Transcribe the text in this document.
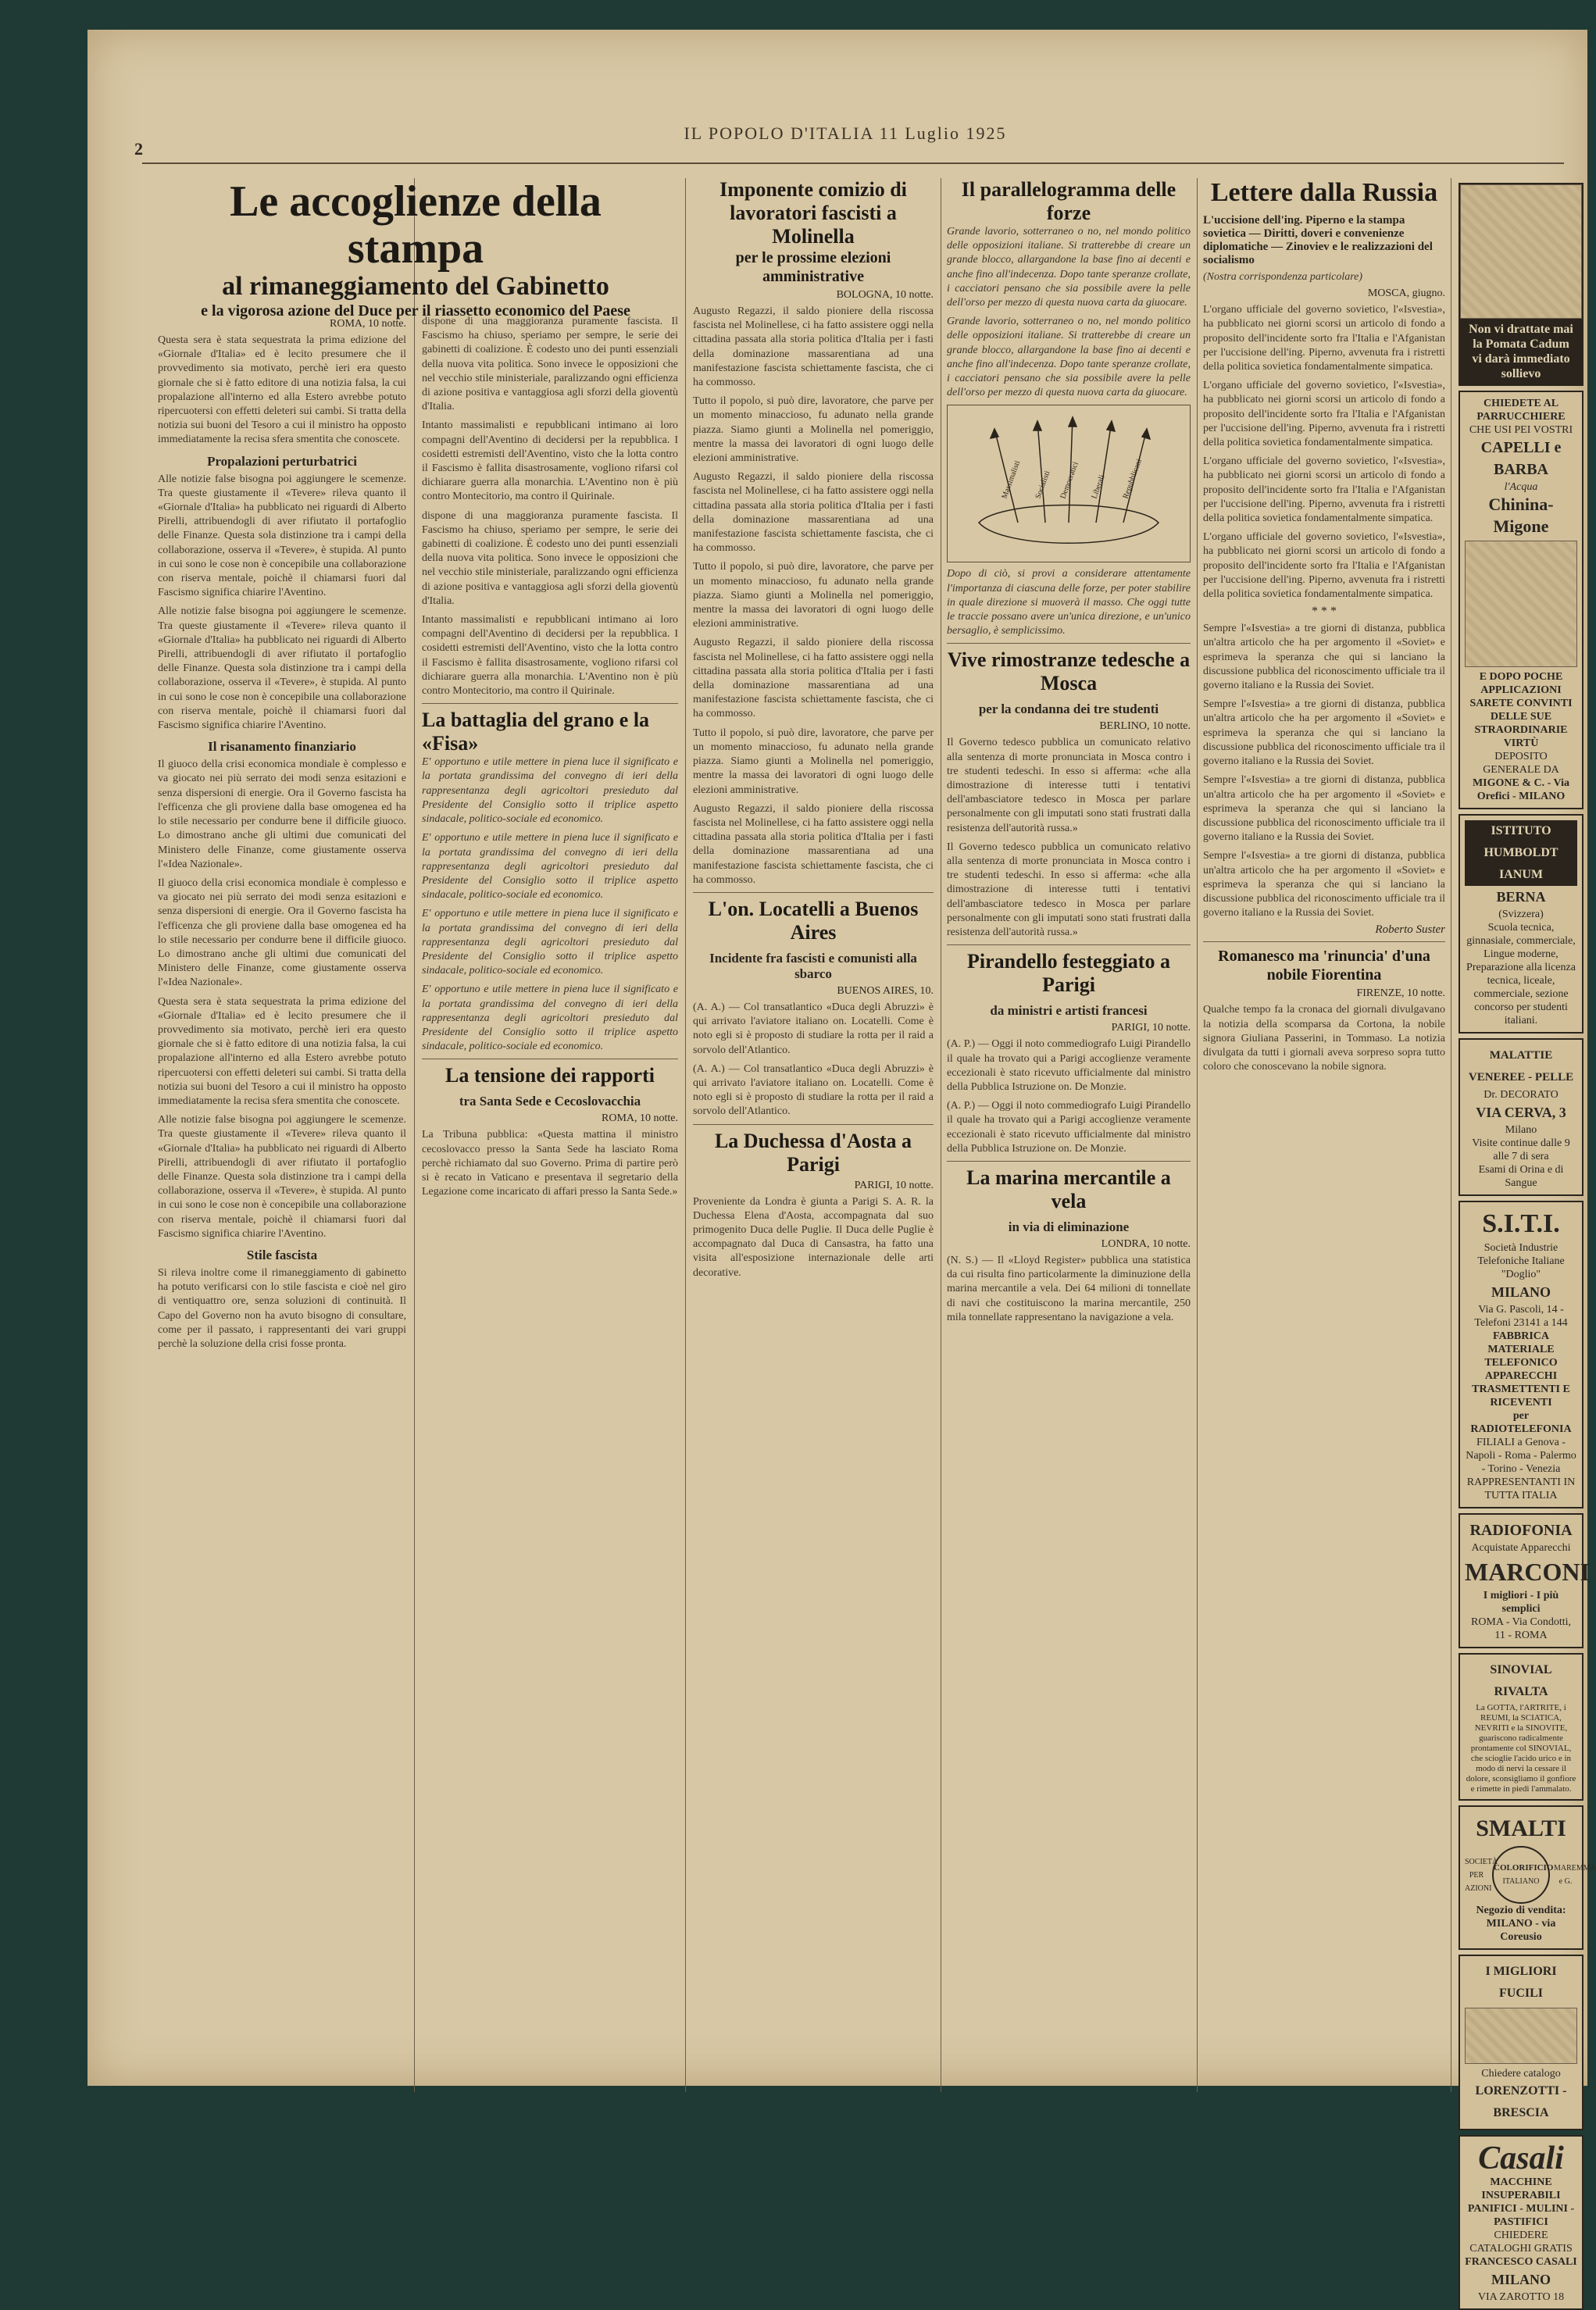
IL POPOLO D'ITALIA 11 Luglio 1925
2
Le accoglienze della stampa
al rimaneggiamento del Gabinetto
e la vigorosa azione del Duce per il riassetto economico del Paese
ROMA, 10 notte.
Questa sera è stata sequestrata la prima edizione del «Giornale d'Italia» ed è lecito presumere che il provvedimento sia motivato, perchè ieri era questo giornale che si è fatto editore di una notizia falsa, la cui propalazione all'interno ed alla Estero avrebbe potuto ripercuotersi con effetti deleteri sui cambi. Si tratta della notizia sui buoni del Tesoro a cui il ministro ha opposto immediatamente la recisa sfera smentita che conoscete.
Propalazioni perturbatrici
Alle notizie false bisogna poi aggiungere le scemenze. Tra queste giustamente il «Tevere» rileva quanto il «Giornale d'Italia» ha pubblicato nei riguardi di Alberto Pirelli, attribuendogli di aver rifiutato il portafoglio delle Finanze. Questa sola distinzione tra i campi della collaborazione, osserva il «Tevere», è stupida. Al punto in cui sono le cose non è concepibile una collaborazione con riserva mentale, poichè il chiamarsi fuori dal Fascismo significa chiarire l'Aventino.
Alle notizie false bisogna poi aggiungere le scemenze. Tra queste giustamente il «Tevere» rileva quanto il «Giornale d'Italia» ha pubblicato nei riguardi di Alberto Pirelli, attribuendogli di aver rifiutato il portafoglio delle Finanze. Questa sola distinzione tra i campi della collaborazione, osserva il «Tevere», è stupida. Al punto in cui sono le cose non è concepibile una collaborazione con riserva mentale, poichè il chiamarsi fuori dal Fascismo significa chiarire l'Aventino.
Il risanamento finanziario
Il giuoco della crisi economica mondiale è complesso e va giocato nei più serrato dei modi senza esitazioni e senza dispersioni di energie. Ora il Governo fascista ha l'efficenza che gli proviene dalla base omogenea ed ha lo stile necessario per condurre bene il difficile giuoco. Lo dimostrano anche gli ultimi due comunicati del Ministero delle Finanze, come giustamente osserva l'«Idea Nazionale».
Il giuoco della crisi economica mondiale è complesso e va giocato nei più serrato dei modi senza esitazioni e senza dispersioni di energie. Ora il Governo fascista ha l'efficenza che gli proviene dalla base omogenea ed ha lo stile necessario per condurre bene il difficile giuoco. Lo dimostrano anche gli ultimi due comunicati del Ministero delle Finanze, come giustamente osserva l'«Idea Nazionale».
Questa sera è stata sequestrata la prima edizione del «Giornale d'Italia» ed è lecito presumere che il provvedimento sia motivato, perchè ieri era questo giornale che si è fatto editore di una notizia falsa, la cui propalazione all'interno ed alla Estero avrebbe potuto ripercuotersi con effetti deleteri sui cambi. Si tratta della notizia sui buoni del Tesoro a cui il ministro ha opposto immediatamente la recisa sfera smentita che conoscete.
Alle notizie false bisogna poi aggiungere le scemenze. Tra queste giustamente il «Tevere» rileva quanto il «Giornale d'Italia» ha pubblicato nei riguardi di Alberto Pirelli, attribuendogli di aver rifiutato il portafoglio delle Finanze. Questa sola distinzione tra i campi della collaborazione, osserva il «Tevere», è stupida. Al punto in cui sono le cose non è concepibile una collaborazione con riserva mentale, poichè il chiamarsi fuori dal Fascismo significa chiarire l'Aventino.
Stile fascista
Si rileva inoltre come il rimaneggiamento di gabinetto ha potuto verificarsi con lo stile fascista e cioè nel giro di ventiquattro ore, senza soluzioni di continuità. Il Capo del Governo non ha avuto bisogno di consultare, come per il passato, i rappresentanti dei vari gruppi perchè la soluzione della crisi fosse pronta.
dispone di una maggioranza puramente fascista. Il Fascismo ha chiuso, speriamo per sempre, le serie dei gabinetti di coalizione. È codesto uno dei punti essenziali della nuova vita politica. Sono invece le opposizioni che nel vecchio stile ministeriale, paralizzando ogni efficienza di azione positiva e vantaggiosa agli sforzi della gioventù d'Italia.
Intanto massimalisti e repubblicani intimano ai loro compagni dell'Aventino di decidersi per la repubblica. I cosidetti estremisti dell'Aventino, visto che la lotta contro il Fascismo è fallita disastrosamente, vogliono rifarsi col dichiarare guerra alla monarchia. L'Aventino non è più contro Montecitorio, ma contro il Quirinale.
dispone di una maggioranza puramente fascista. Il Fascismo ha chiuso, speriamo per sempre, le serie dei gabinetti di coalizione. È codesto uno dei punti essenziali della nuova vita politica. Sono invece le opposizioni che nel vecchio stile ministeriale, paralizzando ogni efficienza di azione positiva e vantaggiosa agli sforzi della gioventù d'Italia.
Intanto massimalisti e repubblicani intimano ai loro compagni dell'Aventino di decidersi per la repubblica. I cosidetti estremisti dell'Aventino, visto che la lotta contro il Fascismo è fallita disastrosamente, vogliono rifarsi col dichiarare guerra alla monarchia. L'Aventino non è più contro Montecitorio, ma contro il Quirinale.
La battaglia del grano e la «Fisa»
E' opportuno e utile mettere in piena luce il significato e la portata grandissima del convegno di ieri della rappresentanza degli agricoltori presieduto dal Presidente del Consiglio sotto il triplice aspetto sindacale, politico-sociale ed economico.
E' opportuno e utile mettere in piena luce il significato e la portata grandissima del convegno di ieri della rappresentanza degli agricoltori presieduto dal Presidente del Consiglio sotto il triplice aspetto sindacale, politico-sociale ed economico.
E' opportuno e utile mettere in piena luce il significato e la portata grandissima del convegno di ieri della rappresentanza degli agricoltori presieduto dal Presidente del Consiglio sotto il triplice aspetto sindacale, politico-sociale ed economico.
E' opportuno e utile mettere in piena luce il significato e la portata grandissima del convegno di ieri della rappresentanza degli agricoltori presieduto dal Presidente del Consiglio sotto il triplice aspetto sindacale, politico-sociale ed economico.
La tensione dei rapporti
tra Santa Sede e Cecoslovacchia
ROMA, 10 notte.
La Tribuna pubblica: «Questa mattina il ministro cecoslovacco presso la Santa Sede ha lasciato Roma perchè richiamato dal suo Governo. Prima di partire però si è recato in Vaticano e presentava il segretario della Legazione come incaricato di affari presso la Santa Sede.»
Imponente comizio di lavoratori fascisti a Molinella
per le prossime elezioni amministrative
BOLOGNA, 10 notte.
Augusto Regazzi, il saldo pioniere della riscossa fascista nel Molinellese, ci ha fatto assistere oggi nella cittadina passata alla storia politica d'Italia per i fasti della dominazione massarentiana ad una manifestazione fascista schiettamente fascista, che ci ha commosso.
Tutto il popolo, si può dire, lavoratore, che parve per un momento minaccioso, fu adunato nella grande piazza. Siamo giunti a Molinella nel pomeriggio, mentre la massa dei lavoratori di ogni luogo delle elezioni amministrative.
Augusto Regazzi, il saldo pioniere della riscossa fascista nel Molinellese, ci ha fatto assistere oggi nella cittadina passata alla storia politica d'Italia per i fasti della dominazione massarentiana ad una manifestazione fascista schiettamente fascista, che ci ha commosso.
Tutto il popolo, si può dire, lavoratore, che parve per un momento minaccioso, fu adunato nella grande piazza. Siamo giunti a Molinella nel pomeriggio, mentre la massa dei lavoratori di ogni luogo delle elezioni amministrative.
Augusto Regazzi, il saldo pioniere della riscossa fascista nel Molinellese, ci ha fatto assistere oggi nella cittadina passata alla storia politica d'Italia per i fasti della dominazione massarentiana ad una manifestazione fascista schiettamente fascista, che ci ha commosso.
Tutto il popolo, si può dire, lavoratore, che parve per un momento minaccioso, fu adunato nella grande piazza. Siamo giunti a Molinella nel pomeriggio, mentre la massa dei lavoratori di ogni luogo delle elezioni amministrative.
Augusto Regazzi, il saldo pioniere della riscossa fascista nel Molinellese, ci ha fatto assistere oggi nella cittadina passata alla storia politica d'Italia per i fasti della dominazione massarentiana ad una manifestazione fascista schiettamente fascista, che ci ha commosso.
L'on. Locatelli a Buenos Aires
Incidente fra fascisti e comunisti alla sbarco
BUENOS AIRES, 10.
(A. A.) — Col transatlantico «Duca degli Abruzzi» è qui arrivato l'aviatore italiano on. Locatelli. Come è noto egli si è proposto di studiare la rotta per il raid a sorvolo dell'Atlantico.
(A. A.) — Col transatlantico «Duca degli Abruzzi» è qui arrivato l'aviatore italiano on. Locatelli. Come è noto egli si è proposto di studiare la rotta per il raid a sorvolo dell'Atlantico.
La Duchessa d'Aosta a Parigi
PARIGI, 10 notte.
Proveniente da Londra è giunta a Parigi S. A. R. la Duchessa Elena d'Aosta, accompagnata dal suo primogenito Duca delle Puglie. Il Duca delle Puglie è accompagnato dal Duca di Cansastra, ha fatto una visita all'esposizione internazionale delle arti decorative.
Il parallelogramma delle forze
Grande lavorio, sotterraneo o no, nel mondo politico delle opposizioni italiane. Si tratterebbe di creare un grande blocco, allargandone la base fino ai decenti e anche fino all'indecenza. Dopo tante speranze crollate, i cacciatori pensano che sia possibile avere la pelle dell'orso per mezzo di questa nuova carta da giuocare.
Grande lavorio, sotterraneo o no, nel mondo politico delle opposizioni italiane. Si tratterebbe di creare un grande blocco, allargandone la base fino ai decenti e anche fino all'indecenza. Dopo tante speranze crollate, i cacciatori pensano che sia possibile avere la pelle dell'orso per mezzo di questa nuova carta da giuocare.
Massimalisti Socialisti Democratici Liberali Repubblicani
Dopo di ciò, si provi a considerare attentamente l'importanza di ciascuna delle forze, per poter stabilire in quale direzione si muoverà il masso. Che oggi tutte le traccie possano avere un'unica direzione, e un'unico bersaglio, è semplicissimo.
Vive rimostranze tedesche a Mosca
per la condanna dei tre studenti
BERLINO, 10 notte.
Il Governo tedesco pubblica un comunicato relativo alla sentenza di morte pronunciata in Mosca contro i tre studenti tedeschi. In esso si afferma: «che alla dimostrazione di interesse tutti i tentativi dell'ambasciatore tedesco in Mosca per parlare personalmente con gli imputati sono stati frustrati dalla resistenza dell'autorità russa.»
Il Governo tedesco pubblica un comunicato relativo alla sentenza di morte pronunciata in Mosca contro i tre studenti tedeschi. In esso si afferma: «che alla dimostrazione di interesse tutti i tentativi dell'ambasciatore tedesco in Mosca per parlare personalmente con gli imputati sono stati frustrati dalla resistenza dell'autorità russa.»
Pirandello festeggiato a Parigi
da ministri e artisti francesi
PARIGI, 10 notte.
(A. P.) — Oggi il noto commediografo Luigi Pirandello il quale ha trovato qui a Parigi accoglienze veramente eccezionali è stato ricevuto ufficialmente dal ministro della Pubblica Istruzione on. De Monzie.
(A. P.) — Oggi il noto commediografo Luigi Pirandello il quale ha trovato qui a Parigi accoglienze veramente eccezionali è stato ricevuto ufficialmente dal ministro della Pubblica Istruzione on. De Monzie.
La marina mercantile a vela
in via di eliminazione
LONDRA, 10 notte.
(N. S.) — Il «Lloyd Register» pubblica una statistica da cui risulta fino particolarmente la diminuzione della marina mercantile a vela. Dei 64 milioni di tonnellate di navi che costituiscono la marina mercantile, 250 mila tonnellate rappresentano la navigazione a vela.
Lettere dalla Russia
L'uccisione dell'ing. Piperno e la stampa sovietica — Diritti, doveri e convenienze diplomatiche — Zinoviev e le realizzazioni del socialismo
(Nostra corrispondenza particolare)
MOSCA, giugno.
L'organo ufficiale del governo sovietico, l'«Isvestia», ha pubblicato nei giorni scorsi un articolo di fondo a proposito dell'incidente sorto fra l'Italia e l'Afganistan per l'uccisione dell'ing. Piperno, avvenuta fra i ristretti della politica sovietica fondamentalmente simpatica.
L'organo ufficiale del governo sovietico, l'«Isvestia», ha pubblicato nei giorni scorsi un articolo di fondo a proposito dell'incidente sorto fra l'Italia e l'Afganistan per l'uccisione dell'ing. Piperno, avvenuta fra i ristretti della politica sovietica fondamentalmente simpatica.
L'organo ufficiale del governo sovietico, l'«Isvestia», ha pubblicato nei giorni scorsi un articolo di fondo a proposito dell'incidente sorto fra l'Italia e l'Afganistan per l'uccisione dell'ing. Piperno, avvenuta fra i ristretti della politica sovietica fondamentalmente simpatica.
L'organo ufficiale del governo sovietico, l'«Isvestia», ha pubblicato nei giorni scorsi un articolo di fondo a proposito dell'incidente sorto fra l'Italia e l'Afganistan per l'uccisione dell'ing. Piperno, avvenuta fra i ristretti della politica sovietica fondamentalmente simpatica.
* * *
Sempre l'«Isvestia» a tre giorni di distanza, pubblica un'altra articolo che ha per argomento il «Soviet» e esprimeva la speranza che qui si lanciano la discussione pubblica del riconoscimento ufficiale tra il governo italiano e la Russia dei Soviet.
Sempre l'«Isvestia» a tre giorni di distanza, pubblica un'altra articolo che ha per argomento il «Soviet» e esprimeva la speranza che qui si lanciano la discussione pubblica del riconoscimento ufficiale tra il governo italiano e la Russia dei Soviet.
Sempre l'«Isvestia» a tre giorni di distanza, pubblica un'altra articolo che ha per argomento il «Soviet» e esprimeva la speranza che qui si lanciano la discussione pubblica del riconoscimento ufficiale tra il governo italiano e la Russia dei Soviet.
Sempre l'«Isvestia» a tre giorni di distanza, pubblica un'altra articolo che ha per argomento il «Soviet» e esprimeva la speranza che qui si lanciano la discussione pubblica del riconoscimento ufficiale tra il governo italiano e la Russia dei Soviet.
Roberto Suster
Romanesco ma 'rinuncia' d'una nobile Fiorentina
FIRENZE, 10 notte.
Qualche tempo fa la cronaca del giornali divulgavano la notizia della scomparsa da Cortona, la nobile signora Giuliana Passerini, in Tommaso. La notizia divulgata da tutti i giornali aveva sorpreso sopra tutto coloro che conoscevano la nobile signora.
Non vi drattate mai
la Pomata Cadum
vi darà immediato
sollievo
CHIEDETE AL PARRUCCHIERE
CHE USI PEI VOSTRI
CAPELLI e BARBA
l'Acqua
Chinina-Migone
E DOPO POCHE APPLICAZIONI
SARETE CONVINTI DELLE SUE
STRAORDINARIE VIRTÙ
DEPOSITO GENERALE DA
MIGONE & C. - Via Orefici - MILANO
ISTITUTO HUMBOLDT IANUM
BERNA
(Svizzera)
Scuola tecnica, ginnasiale, commerciale, Lingue moderne, Preparazione alla licenza tecnica, liceale, commerciale, sezione concorso per studenti italiani.
MALATTIE VENEREE - PELLE
Dr. DECORATO
VIA CERVA, 3
Milano
Visite continue dalle 9 alle 7 di sera
Esami di Orina e di Sangue
S.I.T.I.
Società Industrie Telefoniche Italiane "Doglio"
MILANO
Via G. Pascoli, 14 - Telefoni 23141 a 144
FABBRICA MATERIALE TELEFONICO
APPARECCHI TRASMETTENTI E RICEVENTI
per RADIOTELEFONIA
FILIALI a Genova - Napoli - Roma - Palermo - Torino - Venezia
RAPPRESENTANTI IN TUTTA ITALIA
RADIOFONIA
Acquistate Apparecchi
MARCONI
I migliori - I più semplici
ROMA - Via Condotti, 11 - ROMA
SINOVIAL RIVALTA
La GOTTA, l'ARTRITE, i REUMI, la SCIATICA, NEVRITI e la SINOVITE, guariscono radicalmente prontamente col SINOVIAL, che scioglie l'acido urico e in modo di nervi la cessare il dolore, sconsigliamo il gonfiore e rimette in piedi l'ammalato.
SMALTI
SOCIETÀ PER AZIONI
COLORIFICIO
ITALIANO
MAREMMA e G.
Negozio di vendita: MILANO - via Coreusio
I MIGLIORI FUCILI
Chiedere catalogo
LORENZOTTI - BRESCIA
Casali
MACCHINE INSUPERABILI
PANIFICI - MULINI - PASTIFICI
CHIEDERE CATALOGHI GRATIS
FRANCESCO CASALI
MILANO
VIA ZAROTTO 18
